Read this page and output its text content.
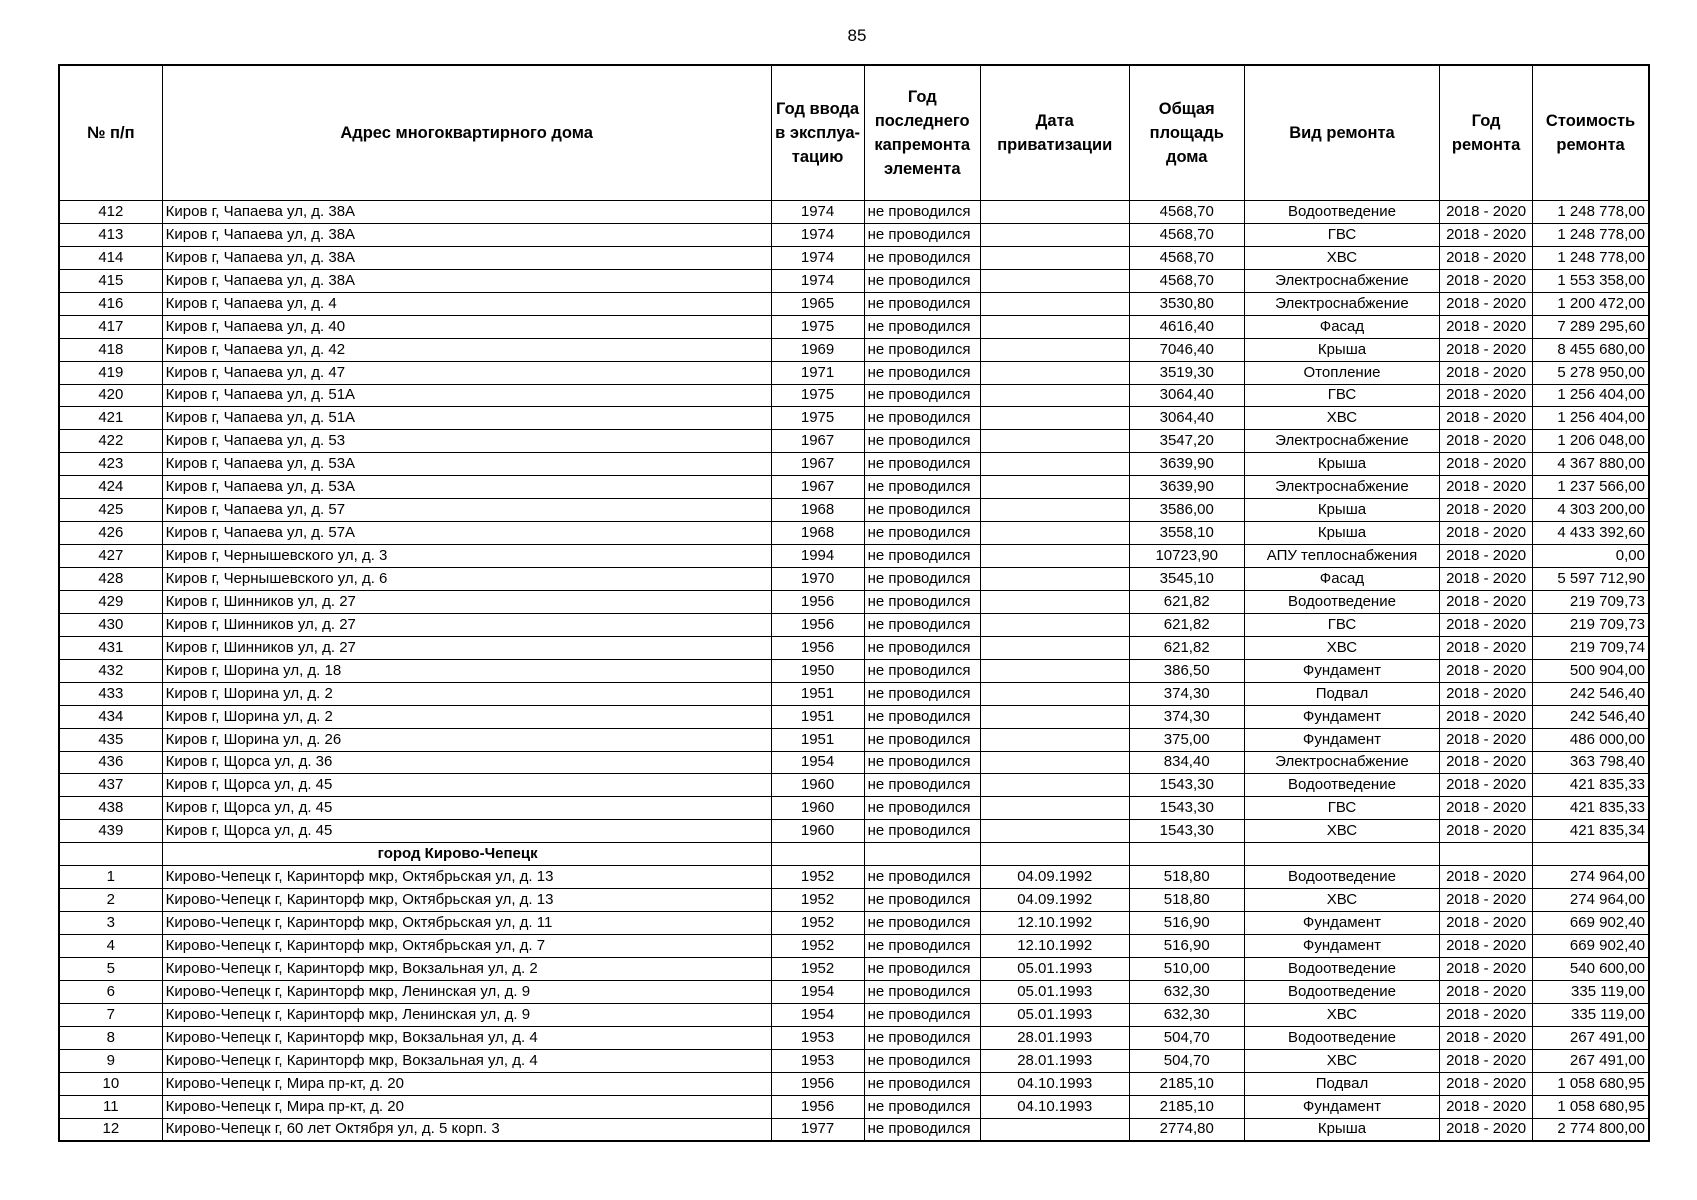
85
№ п/п	Адрес многоквартирного дома	Год ввода в эксплуа-тацию	Год последнего капремонта элемента	Дата приватизации	Общая площадь дома	Вид ремонта	Год ремонта	Стоимость ремонта
412	Киров г, Чапаева ул, д. 38А	1974	не проводился		4568,70	Водоотведение	2018 - 2020	1 248 778,00
413	Киров г, Чапаева ул, д. 38А	1974	не проводился		4568,70	ГВС	2018 - 2020	1 248 778,00
414	Киров г, Чапаева ул, д. 38А	1974	не проводился		4568,70	ХВС	2018 - 2020	1 248 778,00
415	Киров г, Чапаева ул, д. 38А	1974	не проводился		4568,70	Электроснабжение	2018 - 2020	1 553 358,00
416	Киров г, Чапаева ул, д. 4	1965	не проводился		3530,80	Электроснабжение	2018 - 2020	1 200 472,00
417	Киров г, Чапаева ул, д. 40	1975	не проводился		4616,40	Фасад	2018 - 2020	7 289 295,60
418	Киров г, Чапаева ул, д. 42	1969	не проводился		7046,40	Крыша	2018 - 2020	8 455 680,00
419	Киров г, Чапаева ул, д. 47	1971	не проводился		3519,30	Отопление	2018 - 2020	5 278 950,00
420	Киров г, Чапаева ул, д. 51А	1975	не проводился		3064,40	ГВС	2018 - 2020	1 256 404,00
421	Киров г, Чапаева ул, д. 51А	1975	не проводился		3064,40	ХВС	2018 - 2020	1 256 404,00
422	Киров г, Чапаева ул, д. 53	1967	не проводился		3547,20	Электроснабжение	2018 - 2020	1 206 048,00
423	Киров г, Чапаева ул, д. 53А	1967	не проводился		3639,90	Крыша	2018 - 2020	4 367 880,00
424	Киров г, Чапаева ул, д. 53А	1967	не проводился		3639,90	Электроснабжение	2018 - 2020	1 237 566,00
425	Киров г, Чапаева ул, д. 57	1968	не проводился		3586,00	Крыша	2018 - 2020	4 303 200,00
426	Киров г, Чапаева ул, д. 57А	1968	не проводился		3558,10	Крыша	2018 - 2020	4 433 392,60
427	Киров г, Чернышевского ул, д. 3	1994	не проводился		10723,90	АПУ теплоснабжения	2018 - 2020	0,00
428	Киров г, Чернышевского ул, д. 6	1970	не проводился		3545,10	Фасад	2018 - 2020	5 597 712,90
429	Киров г, Шинников ул, д. 27	1956	не проводился		621,82	Водоотведение	2018 - 2020	219 709,73
430	Киров г, Шинников ул, д. 27	1956	не проводился		621,82	ГВС	2018 - 2020	219 709,73
431	Киров г, Шинников ул, д. 27	1956	не проводился		621,82	ХВС	2018 - 2020	219 709,74
432	Киров г, Шорина ул, д. 18	1950	не проводился		386,50	Фундамент	2018 - 2020	500 904,00
433	Киров г, Шорина ул, д. 2	1951	не проводился		374,30	Подвал	2018 - 2020	242 546,40
434	Киров г, Шорина ул, д. 2	1951	не проводился		374,30	Фундамент	2018 - 2020	242 546,40
435	Киров г, Шорина ул, д. 26	1951	не проводился		375,00	Фундамент	2018 - 2020	486 000,00
436	Киров г, Щорса ул, д. 36	1954	не проводился		834,40	Электроснабжение	2018 - 2020	363 798,40
437	Киров г, Щорса ул, д. 45	1960	не проводился		1543,30	Водоотведение	2018 - 2020	421 835,33
438	Киров г, Щорса ул, д. 45	1960	не проводился		1543,30	ГВС	2018 - 2020	421 835,33
439	Киров г, Щорса ул, д. 45	1960	не проводился		1543,30	ХВС	2018 - 2020	421 835,34
	город Кирово-Чепецк							
1	Кирово-Чепецк г, Каринторф мкр, Октябрьская ул, д. 13	1952	не проводился	04.09.1992	518,80	Водоотведение	2018 - 2020	274 964,00
2	Кирово-Чепецк г, Каринторф мкр, Октябрьская ул, д. 13	1952	не проводился	04.09.1992	518,80	ХВС	2018 - 2020	274 964,00
3	Кирово-Чепецк г, Каринторф мкр, Октябрьская ул, д. 11	1952	не проводился	12.10.1992	516,90	Фундамент	2018 - 2020	669 902,40
4	Кирово-Чепецк г, Каринторф мкр, Октябрьская ул, д. 7	1952	не проводился	12.10.1992	516,90	Фундамент	2018 - 2020	669 902,40
5	Кирово-Чепецк г, Каринторф мкр, Вокзальная ул, д. 2	1952	не проводился	05.01.1993	510,00	Водоотведение	2018 - 2020	540 600,00
6	Кирово-Чепецк г, Каринторф мкр, Ленинская ул, д. 9	1954	не проводился	05.01.1993	632,30	Водоотведение	2018 - 2020	335 119,00
7	Кирово-Чепецк г, Каринторф мкр, Ленинская ул, д. 9	1954	не проводился	05.01.1993	632,30	ХВС	2018 - 2020	335 119,00
8	Кирово-Чепецк г, Каринторф мкр, Вокзальная ул, д. 4	1953	не проводился	28.01.1993	504,70	Водоотведение	2018 - 2020	267 491,00
9	Кирово-Чепецк г, Каринторф мкр, Вокзальная ул, д. 4	1953	не проводился	28.01.1993	504,70	ХВС	2018 - 2020	267 491,00
10	Кирово-Чепецк г, Мира пр-кт, д. 20	1956	не проводился	04.10.1993	2185,10	Подвал	2018 - 2020	1 058 680,95
11	Кирово-Чепецк г, Мира пр-кт, д. 20	1956	не проводился	04.10.1993	2185,10	Фундамент	2018 - 2020	1 058 680,95
12	Кирово-Чепецк г, 60 лет Октября ул, д. 5 корп. 3	1977	не проводился		2774,80	Крыша	2018 - 2020	2 774 800,00
